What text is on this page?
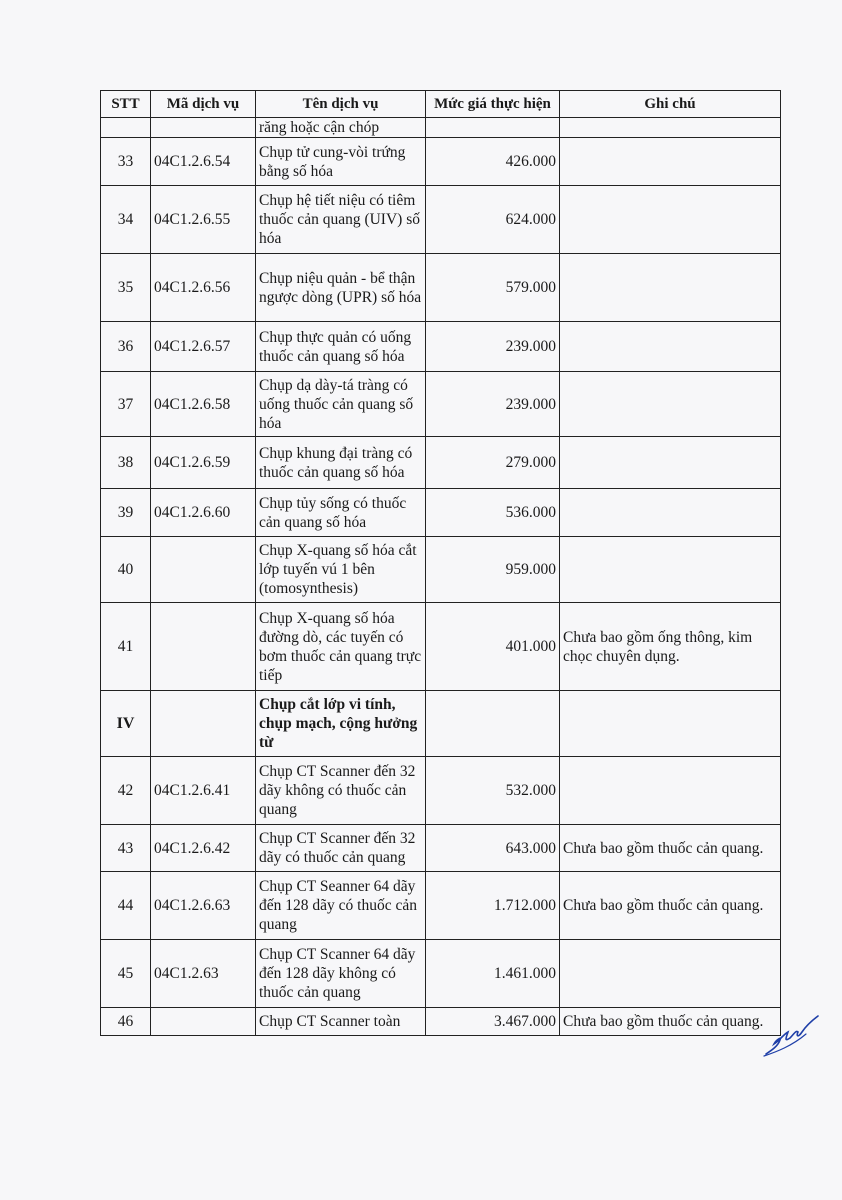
STT	Mã dịch vụ	Tên dịch vụ	Mức giá thực hiện	Ghi chú
		răng hoặc cận chóp		
33	04C1.2.6.54	Chụp tử cung-vòi trứng bằng số hóa	426.000	
34	04C1.2.6.55	Chụp hệ tiết niệu có tiêm thuốc cản quang (UIV) số hóa	624.000	
35	04C1.2.6.56	Chụp niệu quản - bể thận ngược dòng (UPR) số hóa	579.000	
36	04C1.2.6.57	Chụp thực quản có uống thuốc cản quang số hóa	239.000	
37	04C1.2.6.58	Chụp dạ dày-tá tràng có uống thuốc cản quang số hóa	239.000	
38	04C1.2.6.59	Chụp khung đại tràng có thuốc cản quang số hóa	279.000	
39	04C1.2.6.60	Chụp tủy sống có thuốc cản quang số hóa	536.000	
40		Chụp X-quang số hóa cắt lớp tuyến vú 1 bên (tomosynthesis)	959.000	
41		Chụp X-quang số hóa đường dò, các tuyến có bơm thuốc cản quang trực tiếp	401.000	Chưa bao gồm ống thông, kim chọc chuyên dụng.
IV		Chụp cắt lớp vi tính, chụp mạch, cộng hưởng từ		
42	04C1.2.6.41	Chụp CT Scanner đến 32 dãy không có thuốc cản quang	532.000	
43	04C1.2.6.42	Chụp CT Scanner đến 32 dãy có thuốc cản quang	643.000	Chưa bao gồm thuốc cản quang.
44	04C1.2.6.63	Chụp CT Seanner 64 dãy đến 128 dãy có thuốc cản quang	1.712.000	Chưa bao gồm thuốc cản quang.
45	04C1.2.63	Chụp CT Scanner 64 dãy đến 128 dãy không có thuốc cản quang	1.461.000	
46		Chụp CT Scanner toàn	3.467.000	Chưa bao gồm thuốc cản quang.
